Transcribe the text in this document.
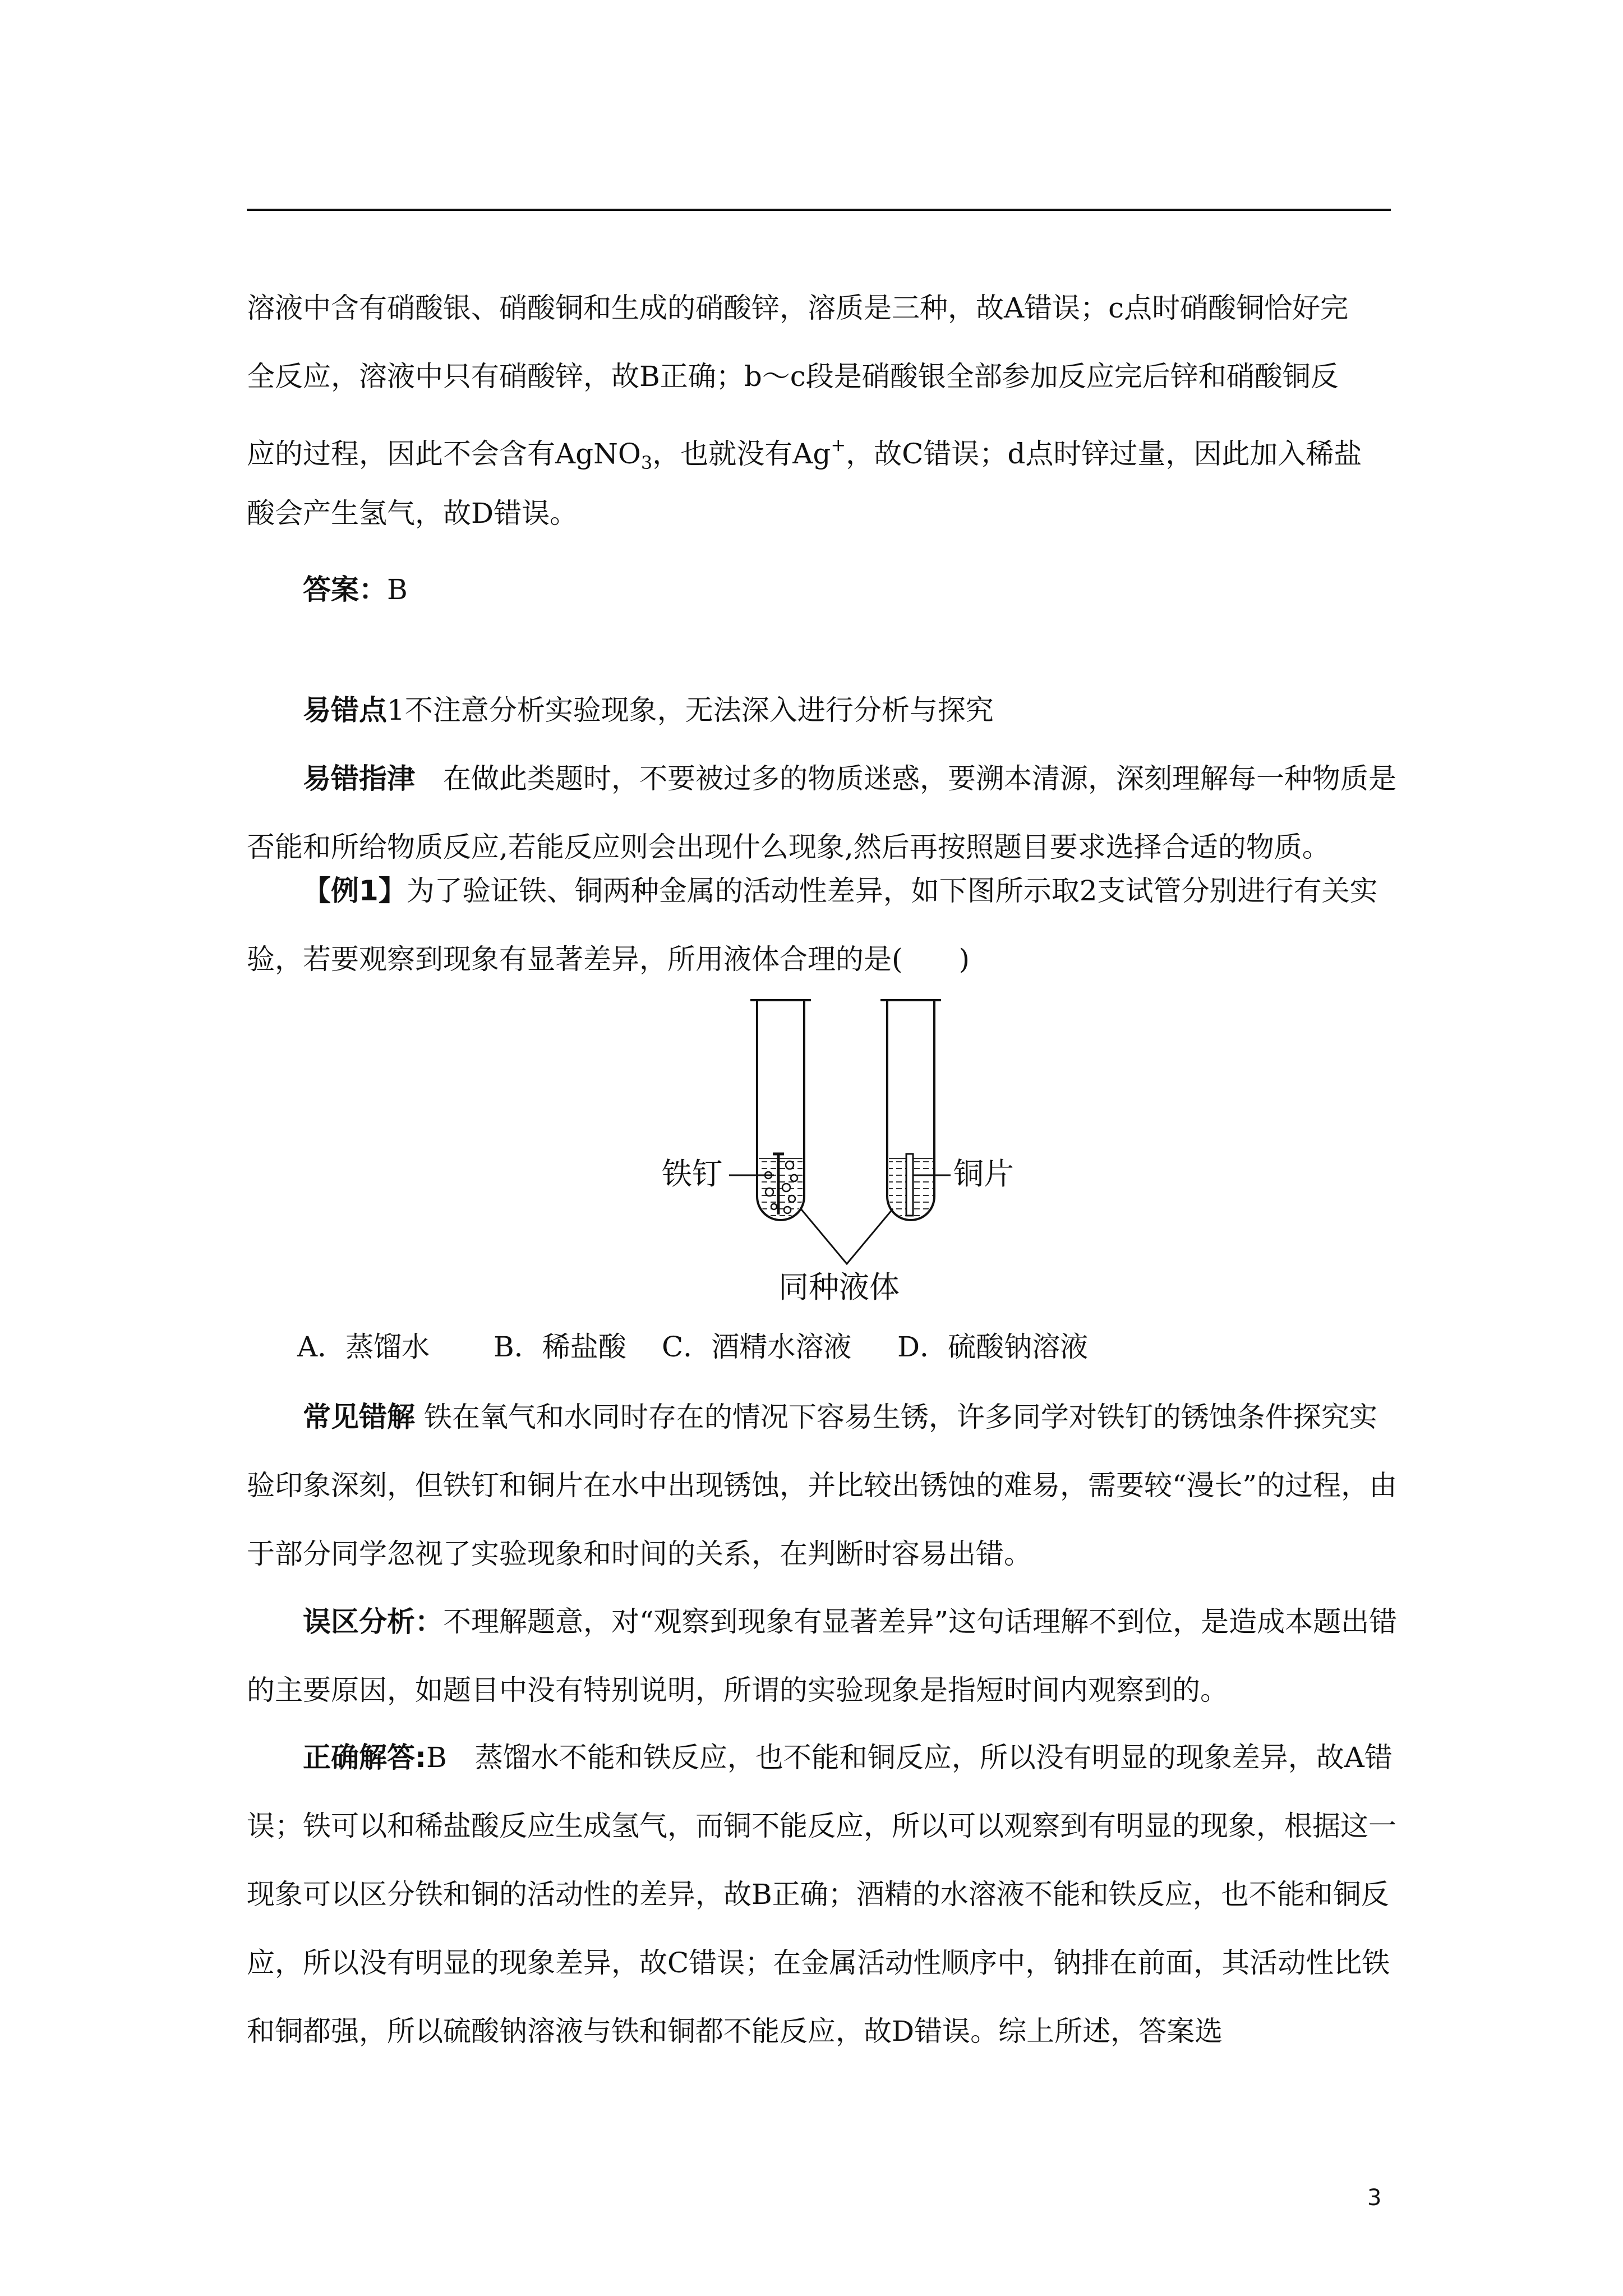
溶液中含有硝酸银、硝酸铜和生成的硝酸锌，溶质是三种，故A错误；c点时硝酸铜恰好完

全反应，溶液中只有硝酸锌，故B正确；b～c段是硝酸银全部参加反应完后锌和硝酸铜反

应的过程，因此不会含有AgNO$_3$，也就没有Ag+，故C错误；d点时锌过量，因此加入稀盐

酸会产生氢气，故D错误。

答案：B

易错点1不注意分析实验现象，无法深入进行分析与探究

易错指津　在做此类题时，不要被过多的物质迷惑，要溯本清源，深刻理解每一种物质是否能和所给物质反应,若能反应则会出现什么现象,然后再按照题目要求选择合适的物质。

【例1】为了验证铁、铜两种金属的活动性差异，如下图所示取2支试管分别进行有关实验，若要观察到现象有显著差异，所用液体合理的是(　　)

铁钉	铜片
同种液体
A．蒸馏水 B．稀盐酸 C．酒精水溶液 D．硫酸钠溶液

常见错解 铁在氧气和水同时存在的情况下容易生锈，许多同学对铁钉的锈蚀条件探究实验印象深刻，但铁钉和铜片在水中出现锈蚀，并比较出锈蚀的难易，需要较“漫长”的过程，由于部分同学忽视了实验现象和时间的关系，在判断时容易出错。

误区分析：不理解题意，对“观察到现象有显著差异”这句话理解不到位，是造成本题出错的主要原因，如题目中没有特别说明，所谓的实验现象是指短时间内观察到的。

正确解答:B　蒸馏水不能和铁反应，也不能和铜反应，所以没有明显的现象差异，故A错误；铁可以和稀盐酸反应生成氢气，而铜不能反应，所以可以观察到有明显的现象，根据这一现象可以区分铁和铜的活动性的差异，故B正确；酒精的水溶液不能和铁反应，也不能和铜反应，所以没有明显的现象差异，故C错误；在金属活动性顺序中，钠排在前面，其活动性比铁和铜都强，所以硫酸钠溶液与铁和铜都不能反应，故D错误。综上所述，答案选

3
